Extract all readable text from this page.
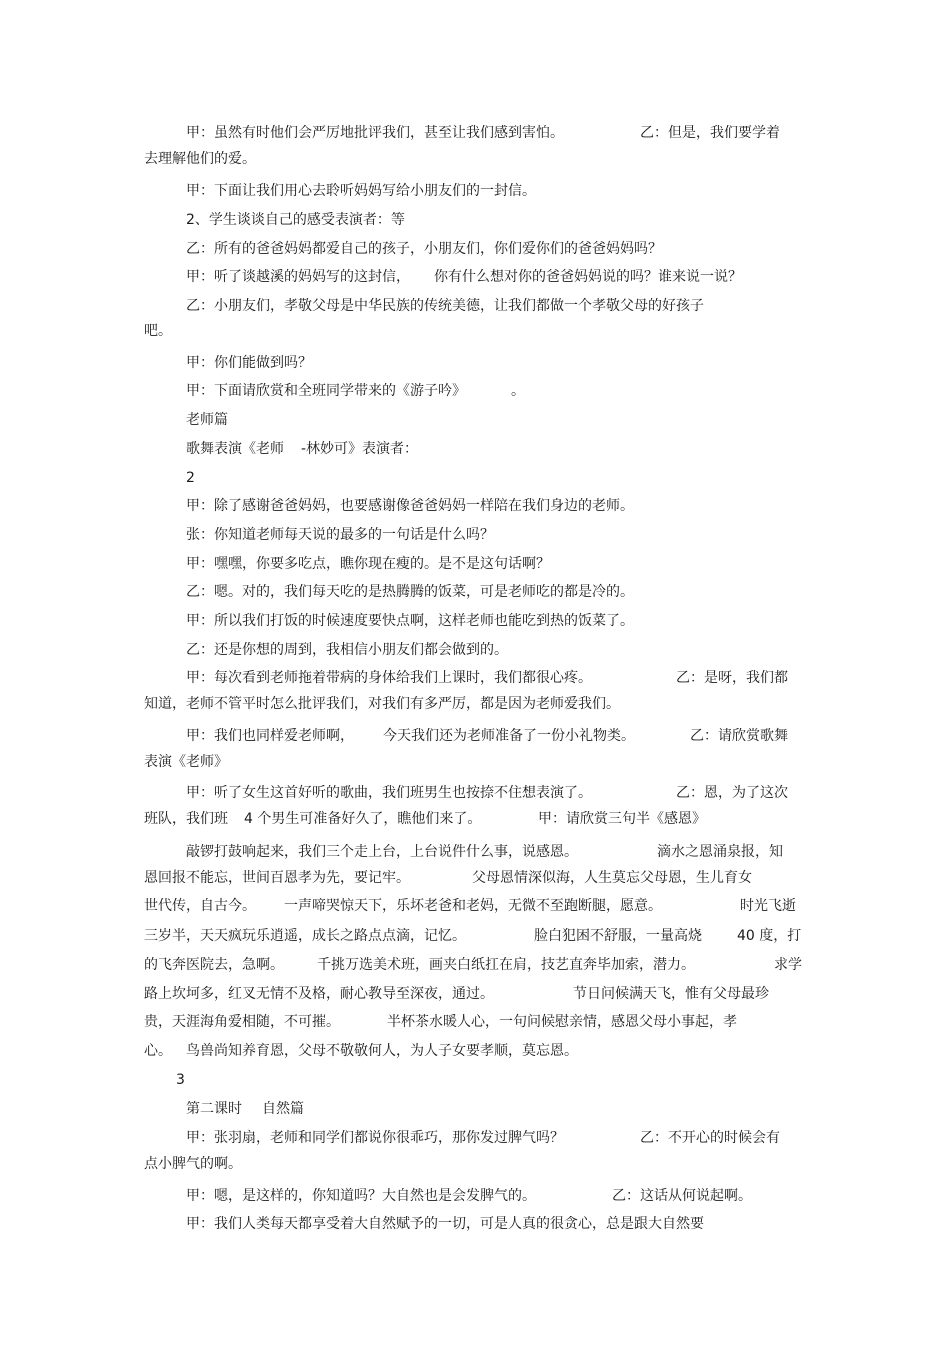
甲：虽然有时他们会严厉地批评我们，甚至让我们感到害怕。	乙：但是，我们要学着
去理解他们的爱。
甲：下面让我们用心去聆听妈妈写给小朋友们的一封信。
2、学生谈谈自己的感受表演者：等
乙：所有的爸爸妈妈都爱自己的孩子，小朋友们，你们爱你们的爸爸妈妈吗？
甲：听了谈越溪的妈妈写的这封信， 你有什么想对你的爸爸妈妈说的吗？谁来说一说？
乙：小朋友们，孝敬父母是中华民族的传统美德，让我们都做一个孝敬父母的好孩子
吧。
甲：你们能做到吗？
甲：下面请欣赏和全班同学带来的《游子吟》	。
老师篇
歌舞表演《老师 -林妙可》表演者：
2
甲：除了感谢爸爸妈妈，也要感谢像爸爸妈妈一样陪在我们身边的老师。
张：你知道老师每天说的最多的一句话是什么吗？
甲：嘿嘿，你要多吃点，瞧你现在瘦的。是不是这句话啊？
乙：嗯。对的，我们每天吃的是热腾腾的饭菜，可是老师吃的都是冷的。
甲：所以我们打饭的时候速度要快点啊，这样老师也能吃到热的饭菜了。
乙：还是你想的周到，我相信小朋友们都会做到的。
甲：每次看到老师拖着带病的身体给我们上课时，我们都很心疼。	乙：是呀，我们都
知道，老师不管平时怎么批评我们，对我们有多严厉，都是因为老师爱我们。
甲：我们也同样爱老师啊， 今天我们还为老师准备了一份小礼物类。	乙：请欣赏歌舞
表演《老师》
甲：听了女生这首好听的歌曲，我们班男生也按捺不住想表演了。	乙：恩，为了这次
班队，我们班 4 个男生可准备好久了，瞧他们来了。	甲：请欣赏三句半《感恩》
敲锣打鼓响起来，我们三个走上台，上台说件什么事，说感恩。	滴水之恩涌泉报，知
恩回报不能忘，世间百恩孝为先，要记牢。	父母恩情深似海，人生莫忘父母恩，生儿育女
世代传，自古今。 一声啼哭惊天下，乐坏老爸和老妈，无微不至跑断腿，愿意。	时光飞逝
三岁半，天天疯玩乐逍遥，成长之路点点滴，记忆。	脸白犯困不舒服，一量高烧	40 度，打
的飞奔医院去，急啊。 千挑万选美术班，画夹白纸扛在肩，技艺直奔毕加索，潜力。	求学
路上坎坷多，红叉无情不及格，耐心教导至深夜，通过。	节日问候满天飞，惟有父母最珍
贵，天涯海角爱相随，不可摧。	半杯茶水暖人心，一句问候慰亲情，感恩父母小事起，孝
心。 鸟兽尚知养育恩，父母不敬敬何人，为人子女要孝顺，莫忘恩。
3
第二课时 自然篇
甲：张羽扇，老师和同学们都说你很乖巧，那你发过脾气吗？	乙：不开心的时候会有
点小脾气的啊。
甲：嗯，是这样的，你知道吗？大自然也是会发脾气的。	乙：这话从何说起啊。
甲：我们人类每天都享受着大自然赋予的一切，可是人真的很贪心，总是跟大自然要
